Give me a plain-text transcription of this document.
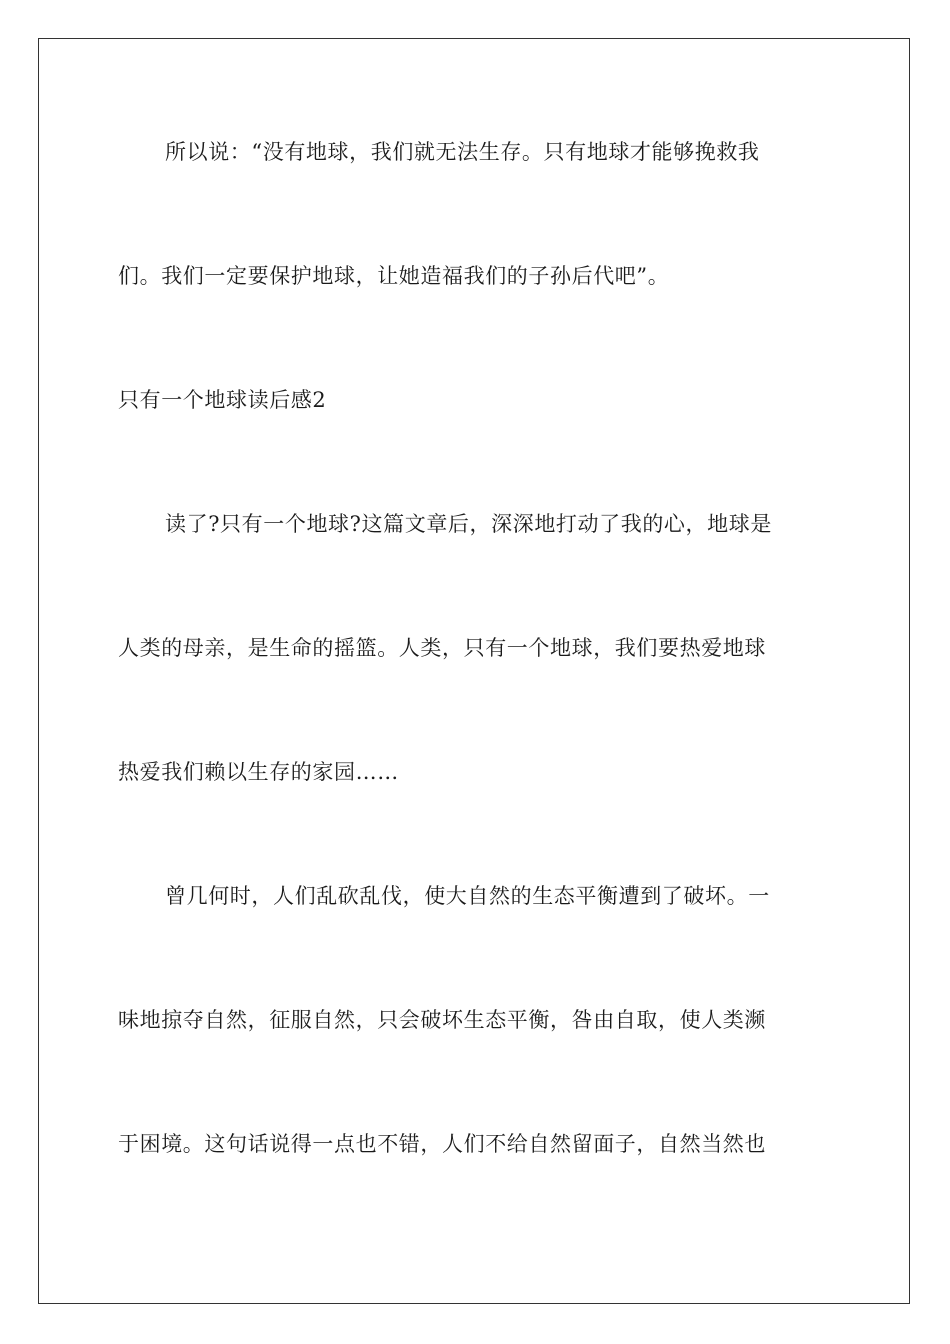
所以说：“没有地球，我们就无法生存。只有地球才能够挽救我
们。我们一定要保护地球，让她造福我们的子孙后代吧”。
只有一个地球读后感2
读了?只有一个地球?这篇文章后，深深地打动了我的心，地球是
人类的母亲，是生命的摇篮。人类，只有一个地球，我们要热爱地球
热爱我们赖以生存的家园……
曾几何时，人们乱砍乱伐，使大自然的生态平衡遭到了破坏。一
味地掠夺自然，征服自然，只会破坏生态平衡，咎由自取，使人类濒
于困境。这句话说得一点也不错，人们不给自然留面子，自然当然也
